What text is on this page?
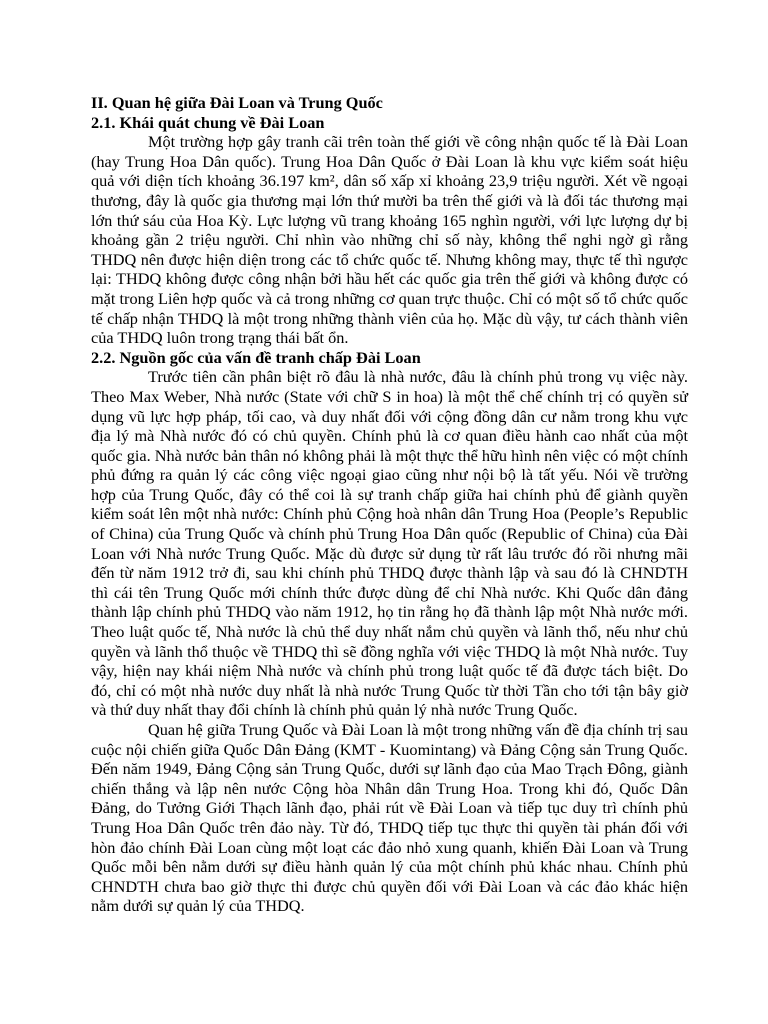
II. Quan hệ giữa Đài Loan và Trung Quốc

2.1. Khái quát chung về Đài Loan

Một trường hợp gây tranh cãi trên toàn thế giới về công nhận quốc tế là Đài Loan (hay Trung Hoa Dân quốc). Trung Hoa Dân Quốc ở Đài Loan là khu vực kiểm soát hiệu quả với diện tích khoảng 36.197 km², dân số xấp xỉ khoảng 23,9 triệu người. Xét về ngoại thương, đây là quốc gia thương mại lớn thứ mười ba trên thế giới và là đối tác thương mại lớn thứ sáu của Hoa Kỳ. Lực lượng vũ trang khoảng 165 nghìn người, với lực lượng dự bị khoảng gần 2 triệu người. Chỉ nhìn vào những chỉ số này, không thể nghi ngờ gì rằng THDQ nên được hiện diện trong các tổ chức quốc tế. Nhưng không may, thực tế thì ngược lại: THDQ không được công nhận bởi hầu hết các quốc gia trên thế giới và không được có mặt trong Liên hợp quốc và cả trong những cơ quan trực thuộc. Chỉ có một số tổ chức quốc tế chấp nhận THDQ là một trong những thành viên của họ. Mặc dù vậy, tư cách thành viên của THDQ luôn trong trạng thái bất ổn.

2.2. Nguồn gốc của vấn đề tranh chấp Đài Loan

Trước tiên cần phân biệt rõ đâu là nhà nước, đâu là chính phủ trong vụ việc này. Theo Max Weber, Nhà nước (State với chữ S in hoa) là một thể chế chính trị có quyền sử dụng vũ lực hợp pháp, tối cao, và duy nhất đối với cộng đồng dân cư nằm trong khu vực địa lý mà Nhà nước đó có chủ quyền. Chính phủ là cơ quan điều hành cao nhất của một quốc gia. Nhà nước bản thân nó không phải là một thực thể hữu hình nên việc có một chính phủ đứng ra quản lý các công việc ngoại giao cũng như nội bộ là tất yếu. Nói về trường hợp của Trung Quốc, đây có thể coi là sự tranh chấp giữa hai chính phủ để giành quyền kiểm soát lên một nhà nước: Chính phủ Cộng hoà nhân dân Trung Hoa (People’s Republic of China) của Trung Quốc và chính phủ Trung Hoa Dân quốc (Republic of China) của Đài Loan với Nhà nước Trung Quốc. Mặc dù được sử dụng từ rất lâu trước đó rồi nhưng mãi đến từ năm 1912 trở đi, sau khi chính phủ THDQ được thành lập và sau đó là CHNDTH thì cái tên Trung Quốc mới chính thức được dùng để chỉ Nhà nước. Khi Quốc dân đảng thành lập chính phủ THDQ vào năm 1912, họ tin rằng họ đã thành lập một Nhà nước mới. Theo luật quốc tế, Nhà nước là chủ thể duy nhất nắm chủ quyền và lãnh thổ, nếu như chủ quyền và lãnh thổ thuộc về THDQ thì sẽ đồng nghĩa với việc THDQ là một Nhà nước. Tuy vậy, hiện nay khái niệm Nhà nước và chính phủ trong luật quốc tế đã được tách biệt. Do đó, chỉ có một nhà nước duy nhất là nhà nước Trung Quốc từ thời Tần cho tới tận bây giờ và thứ duy nhất thay đổi chính là chính phủ quản lý nhà nước Trung Quốc.

Quan hệ giữa Trung Quốc và Đài Loan là một trong những vấn đề địa chính trị sau cuộc nội chiến giữa Quốc Dân Đảng (KMT - Kuomintang) và Đảng Cộng sản Trung Quốc. Đến năm 1949, Đảng Cộng sản Trung Quốc, dưới sự lãnh đạo của Mao Trạch Đông, giành chiến thắng và lập nên nước Cộng hòa Nhân dân Trung Hoa. Trong khi đó, Quốc Dân Đảng, do Tưởng Giới Thạch lãnh đạo, phải rút về Đài Loan và tiếp tục duy trì chính phủ Trung Hoa Dân Quốc trên đảo này. Từ đó, THDQ tiếp tục thực thi quyền tài phán đối với hòn đảo chính Đài Loan cùng một loạt các đảo nhỏ xung quanh, khiến Đài Loan và Trung Quốc mỗi bên nằm dưới sự điều hành quản lý của một chính phủ khác nhau. Chính phủ CHNDTH chưa bao giờ thực thi được chủ quyền đối với Đài Loan và các đảo khác hiện nằm dưới sự quản lý của THDQ.
